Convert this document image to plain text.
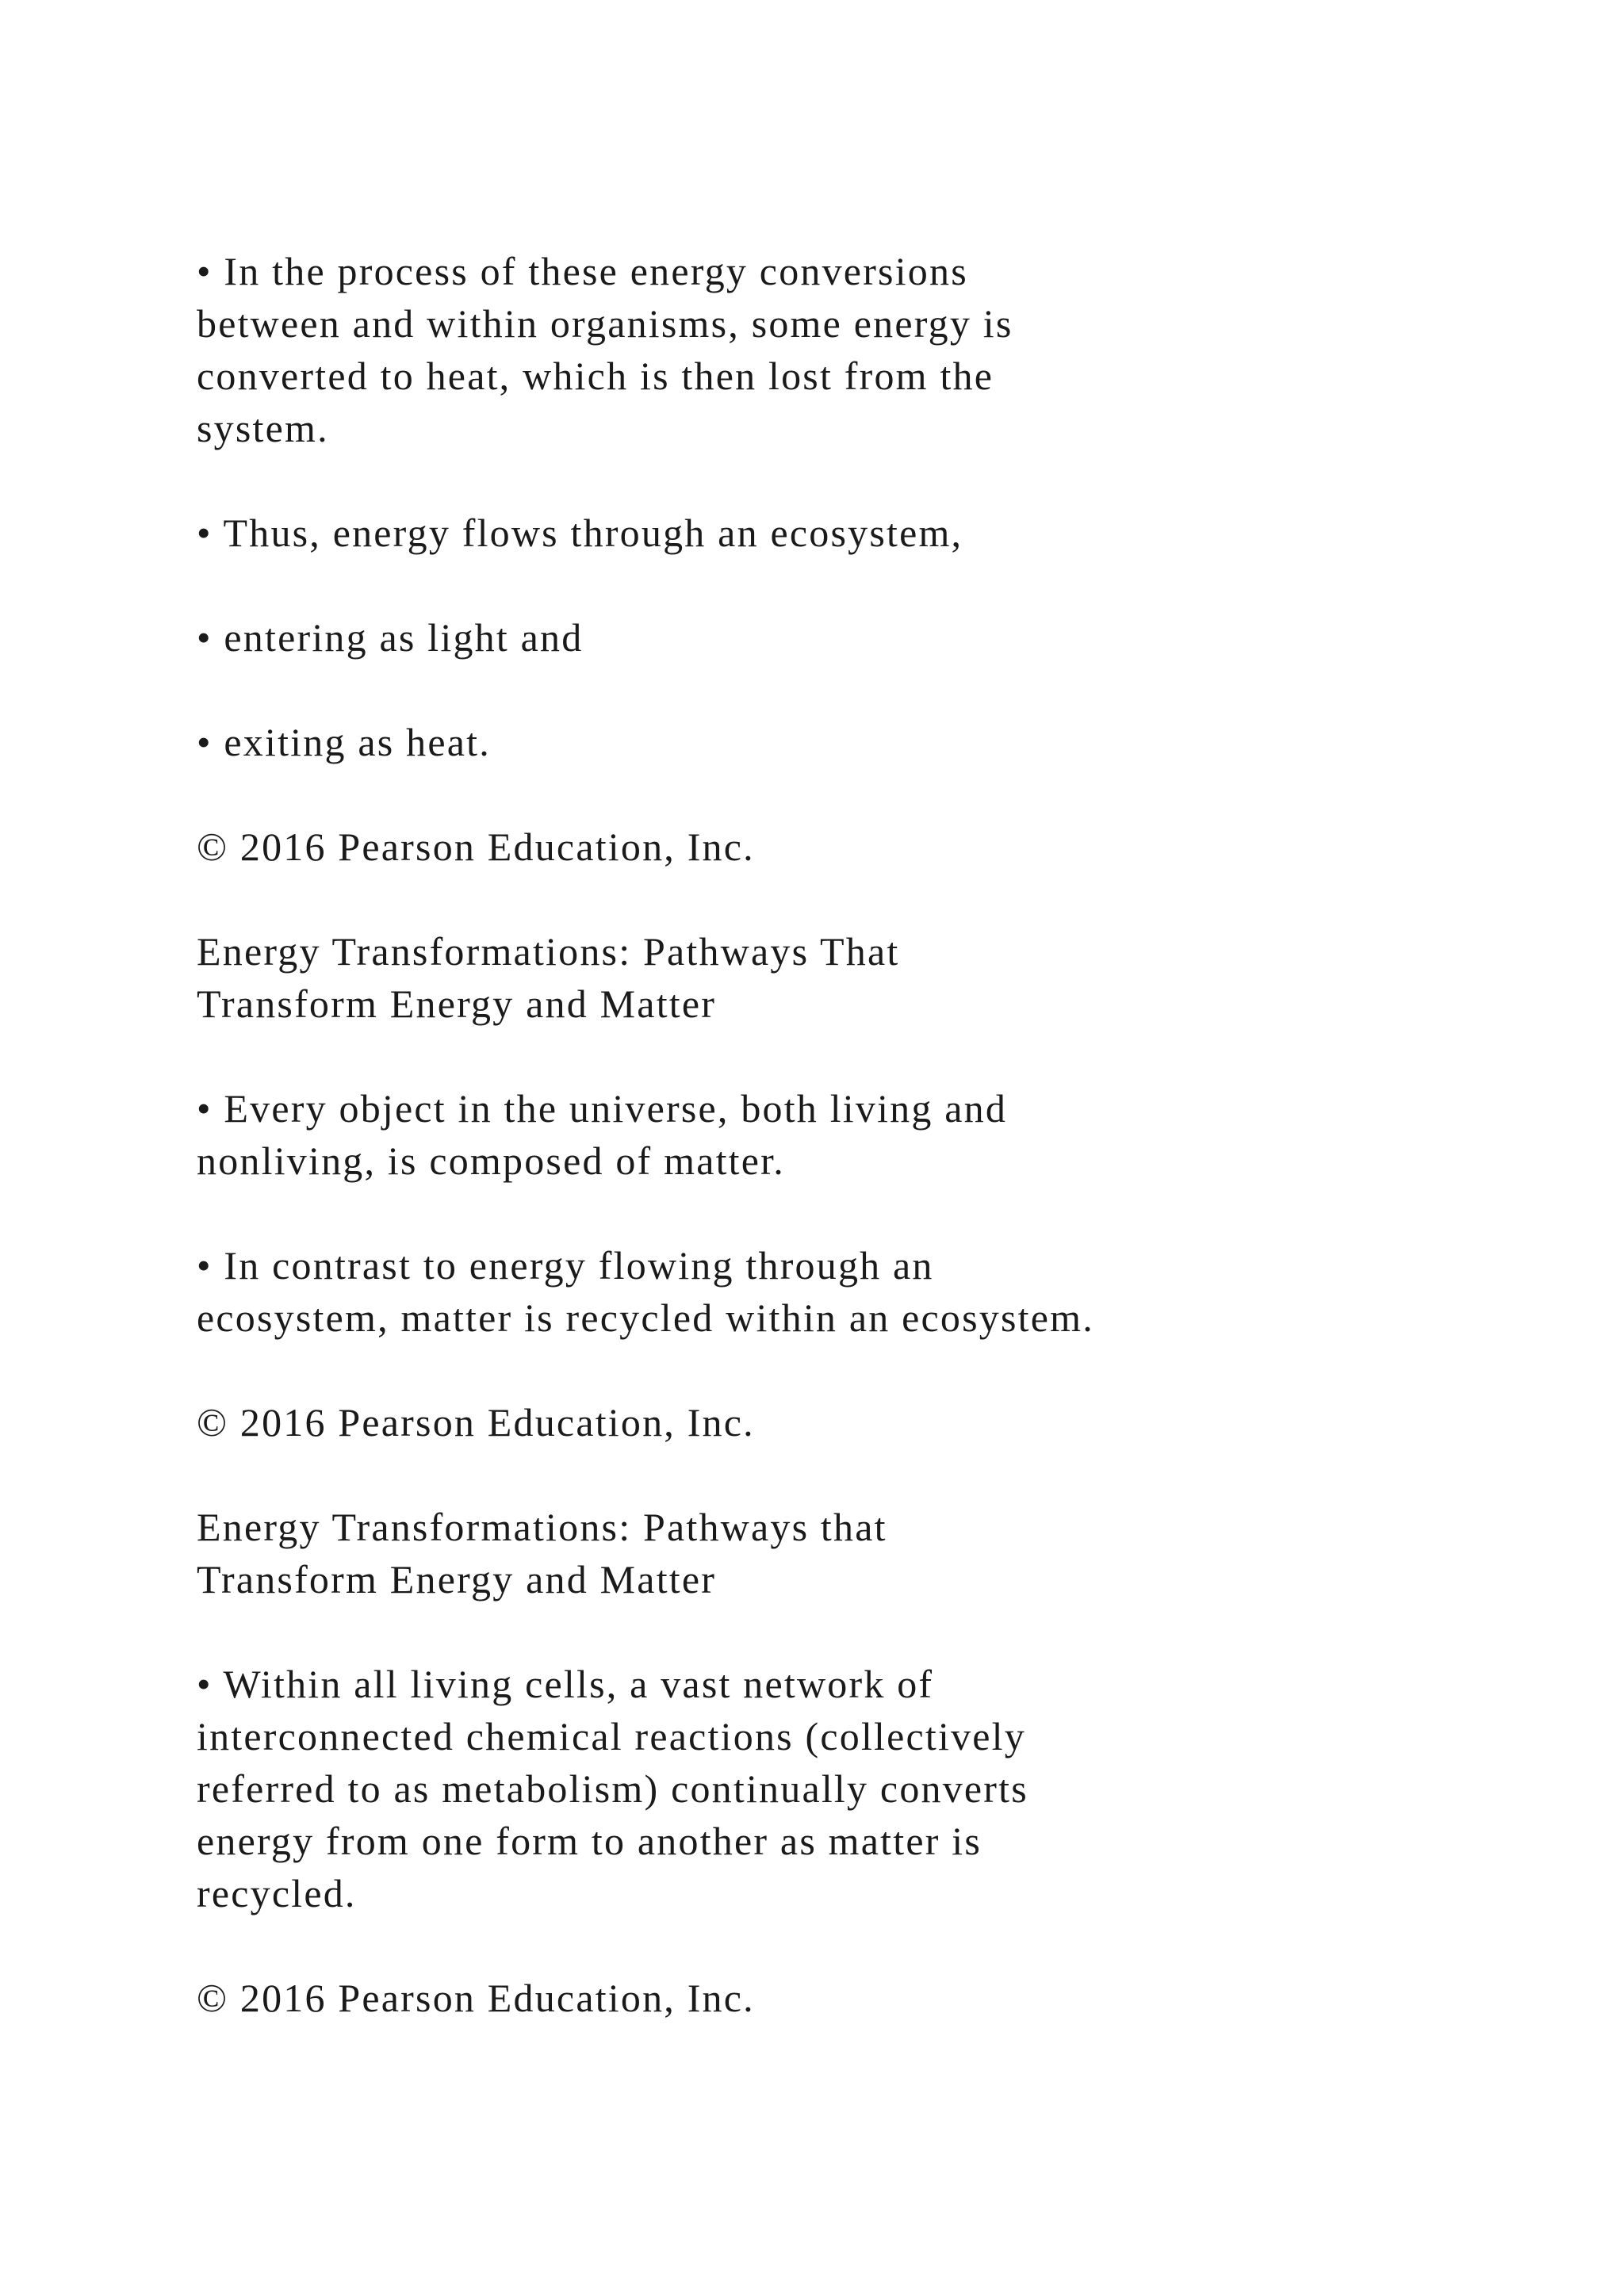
• In the process of these energy conversions
between and within organisms, some energy is
converted to heat, which is then lost from the
system.

• Thus, energy flows through an ecosystem,

• entering as light and

• exiting as heat.

© 2016 Pearson Education, Inc.

Energy Transformations: Pathways That
Transform Energy and Matter

• Every object in the universe, both living and
nonliving, is composed of matter.

• In contrast to energy flowing through an
ecosystem, matter is recycled within an ecosystem.

© 2016 Pearson Education, Inc.

Energy Transformations: Pathways that
Transform Energy and Matter

• Within all living cells, a vast network of
interconnected chemical reactions (collectively
referred to as metabolism) continually converts
energy from one form to another as matter is
recycled.

© 2016 Pearson Education, Inc.
